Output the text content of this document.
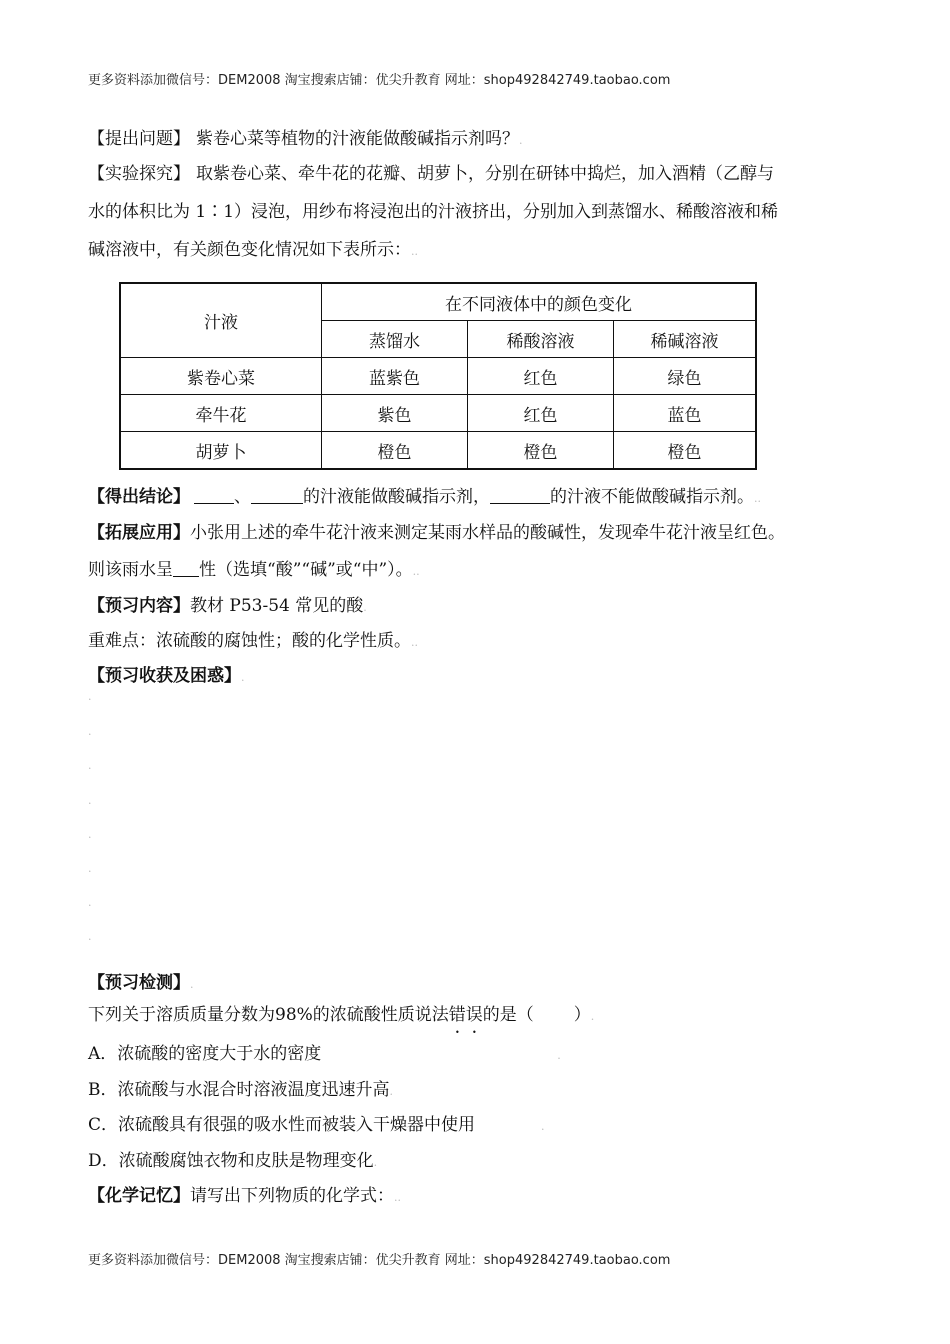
更多资料添加微信号：DEM2008 淘宝搜索店铺：优尖升教育 网址：shop492842749.taobao.com
【提出问题】 紫卷心菜等植物的汁液能做酸碱指示剂吗？.
【实验探究】 取紫卷心菜、牵牛花的花瓣、胡萝卜，分别在研钵中捣烂，加入酒精（乙醇与
水的体积比为 1∶1）浸泡，用纱布将浸泡出的汁液挤出，分别加入到蒸馏水、稀酸溶液和稀
碱溶液中，有关颜色变化情况如下表所示：..
汁液	在不同液体中的颜色变化		
	蒸馏水	稀酸溶液	稀碱溶液
紫卷心菜	蓝紫色	红色	绿色
牵牛花	紫色	红色	蓝色
胡萝卜	橙色	橙色	橙色
【得出结论】	、	的汁液能做酸碱指示剂，	的汁液不能做酸碱指示剂。..
【拓展应用】小张用上述的牵牛花汁液来测定某雨水样品的酸碱性，发现牵牛花汁液呈红色。
则该雨水呈 性（选填“酸”“碱”或“中”）。..
【预习内容】教材 P53-54 常见的酸.
重难点：浓硫酸的腐蚀性；酸的化学性质。..
【预习收获及困惑】.
.
.
.
.
.
.
.
.
【预习检测】.
下列关于溶质质量分数为98%的浓硫酸性质说法错误的是（ ）.
A．浓硫酸的密度大于水的密度	.
B．浓硫酸与水混合时溶液温度迅速升高.
C．浓硫酸具有很强的吸水性而被装入干燥器中使用	.
D．浓硫酸腐蚀衣物和皮肤是物理变化.
【化学记忆】请写出下列物质的化学式：..
更多资料添加微信号：DEM2008 淘宝搜索店铺：优尖升教育 网址：shop492842749.taobao.com
